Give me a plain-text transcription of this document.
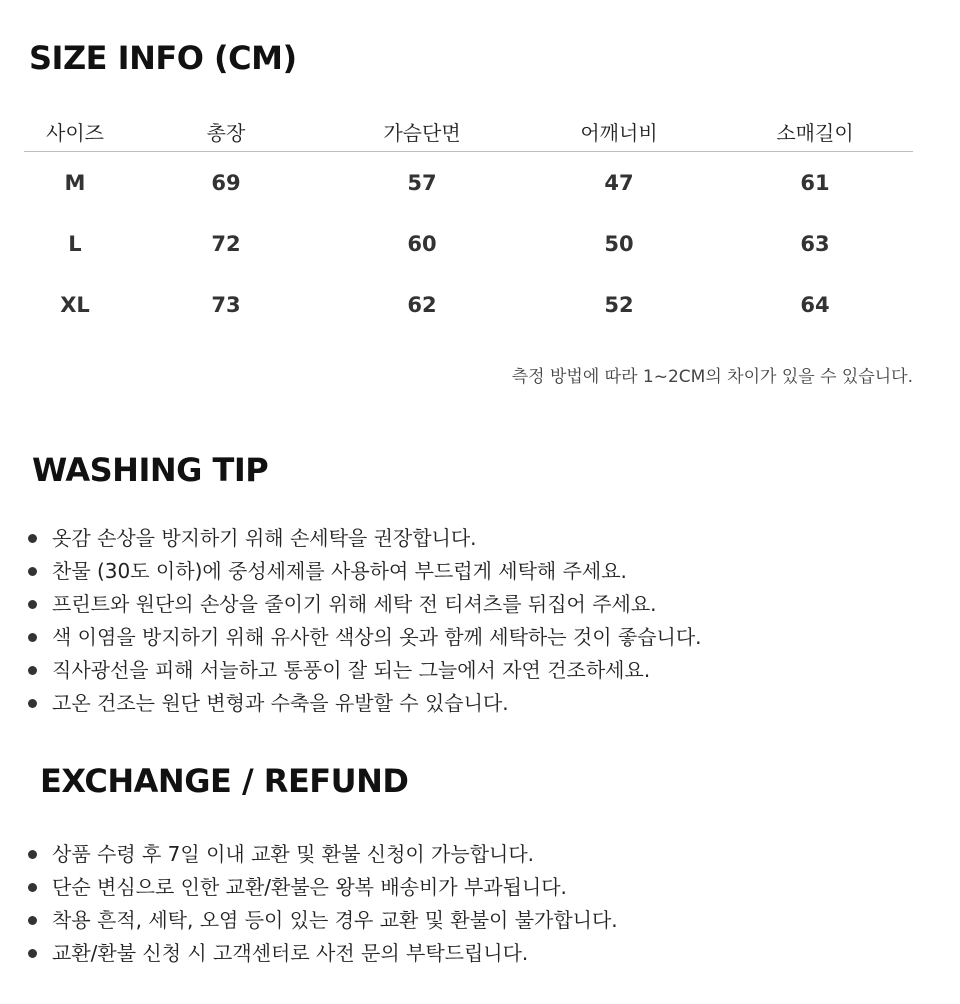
SIZE INFO (CM)
사이즈	총장	가슴단면	어깨너비	소매길이
M	69	57	47	61
L	72	60	50	63
XL	73	62	52	64
측정 방법에 따라 1~2CM의 차이가 있을 수 있습니다.
WASHING TIP
옷감 손상을 방지하기 위해 손세탁을 권장합니다.
찬물 (30도 이하)에 중성세제를 사용하여 부드럽게 세탁해 주세요.
프린트와 원단의 손상을 줄이기 위해 세탁 전 티셔츠를 뒤집어 주세요.
색 이염을 방지하기 위해 유사한 색상의 옷과 함께 세탁하는 것이 좋습니다.
직사광선을 피해 서늘하고 통풍이 잘 되는 그늘에서 자연 건조하세요.
고온 건조는 원단 변형과 수축을 유발할 수 있습니다.
EXCHANGE / REFUND
상품 수령 후 7일 이내 교환 및 환불 신청이 가능합니다.
단순 변심으로 인한 교환/환불은 왕복 배송비가 부과됩니다.
착용 흔적, 세탁, 오염 등이 있는 경우 교환 및 환불이 불가합니다.
교환/환불 신청 시 고객센터로 사전 문의 부탁드립니다.
